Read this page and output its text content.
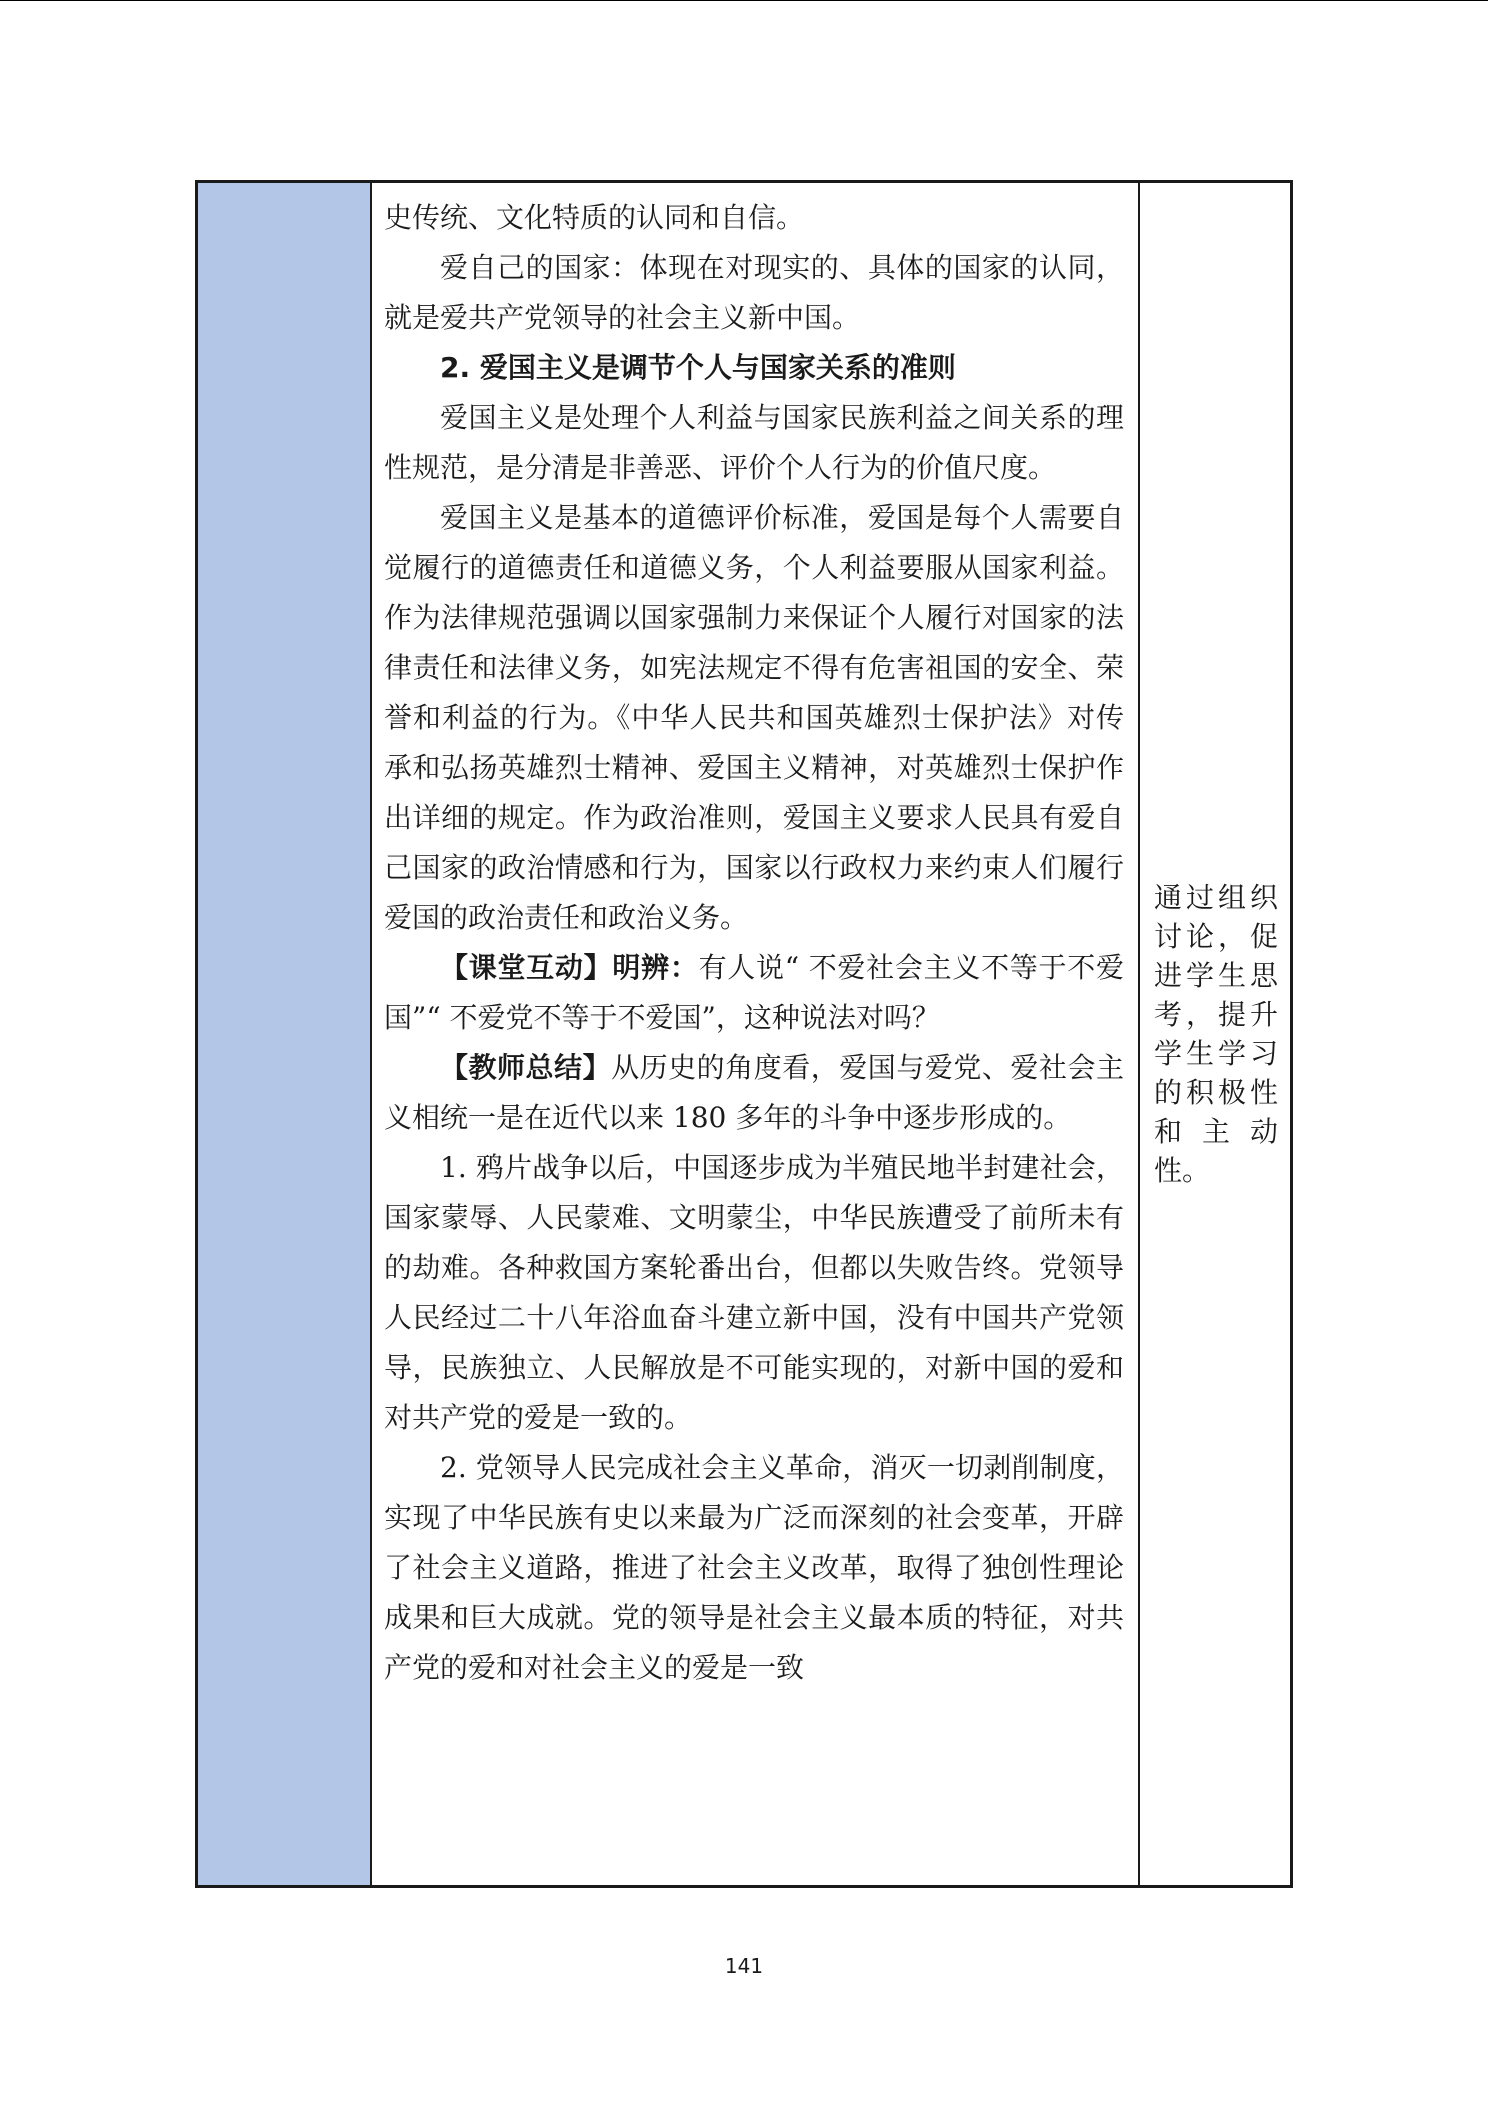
史传统、文化特质的认同和自信。

爱自己的国家：体现在对现实的、具体的国家的认同，就是爱共产党领导的社会主义新中国。

2. 爱国主义是调节个人与国家关系的准则

爱国主义是处理个人利益与国家民族利益之间关系的理性规范，是分清是非善恶、评价个人行为的价值尺度。

爱国主义是基本的道德评价标准，爱国是每个人需要自觉履行的道德责任和道德义务，个人利益要服从国家利益。作为法律规范强调以国家强制力来保证个人履行对国家的法律责任和法律义务，如宪法规定不得有危害祖国的安全、荣誉和利益的行为。《中华人民共和国英雄烈士保护法》对传承和弘扬英雄烈士精神、爱国主义精神，对英雄烈士保护作出详细的规定。作为政治准则，爱国主义要求人民具有爱自己国家的政治情感和行为，国家以行政权力来约束人们履行爱国的政治责任和政治义务。

【课堂互动】明辨：有人说“ 不爱社会主义不等于不爱国”“ 不爱党不等于不爱国”，这种说法对吗？

【教师总结】从历史的角度看，爱国与爱党、爱社会主义相统一是在近代以来 180 多年的斗争中逐步形成的。

1. 鸦片战争以后，中国逐步成为半殖民地半封建社会，国家蒙辱、人民蒙难、文明蒙尘，中华民族遭受了前所未有的劫难。各种救国方案轮番出台，但都以失败告终。党领导人民经过二十八年浴血奋斗建立新中国，没有中国共产党领导，民族独立、人民解放是不可能实现的，对新中国的爱和对共产党的爱是一致的。

2. 党领导人民完成社会主义革命，消灭一切剥削制度，实现了中华民族有史以来最为广泛而深刻的社会变革，开辟了社会主义道路，推进了社会主义改革，取得了独创性理论成果和巨大成就。党的领导是社会主义最本质的特征，对共产党的爱和对社会主义的爱是一致

通过组织讨论，促进学生思考，提升学生学习的积极性和主动性。

141
